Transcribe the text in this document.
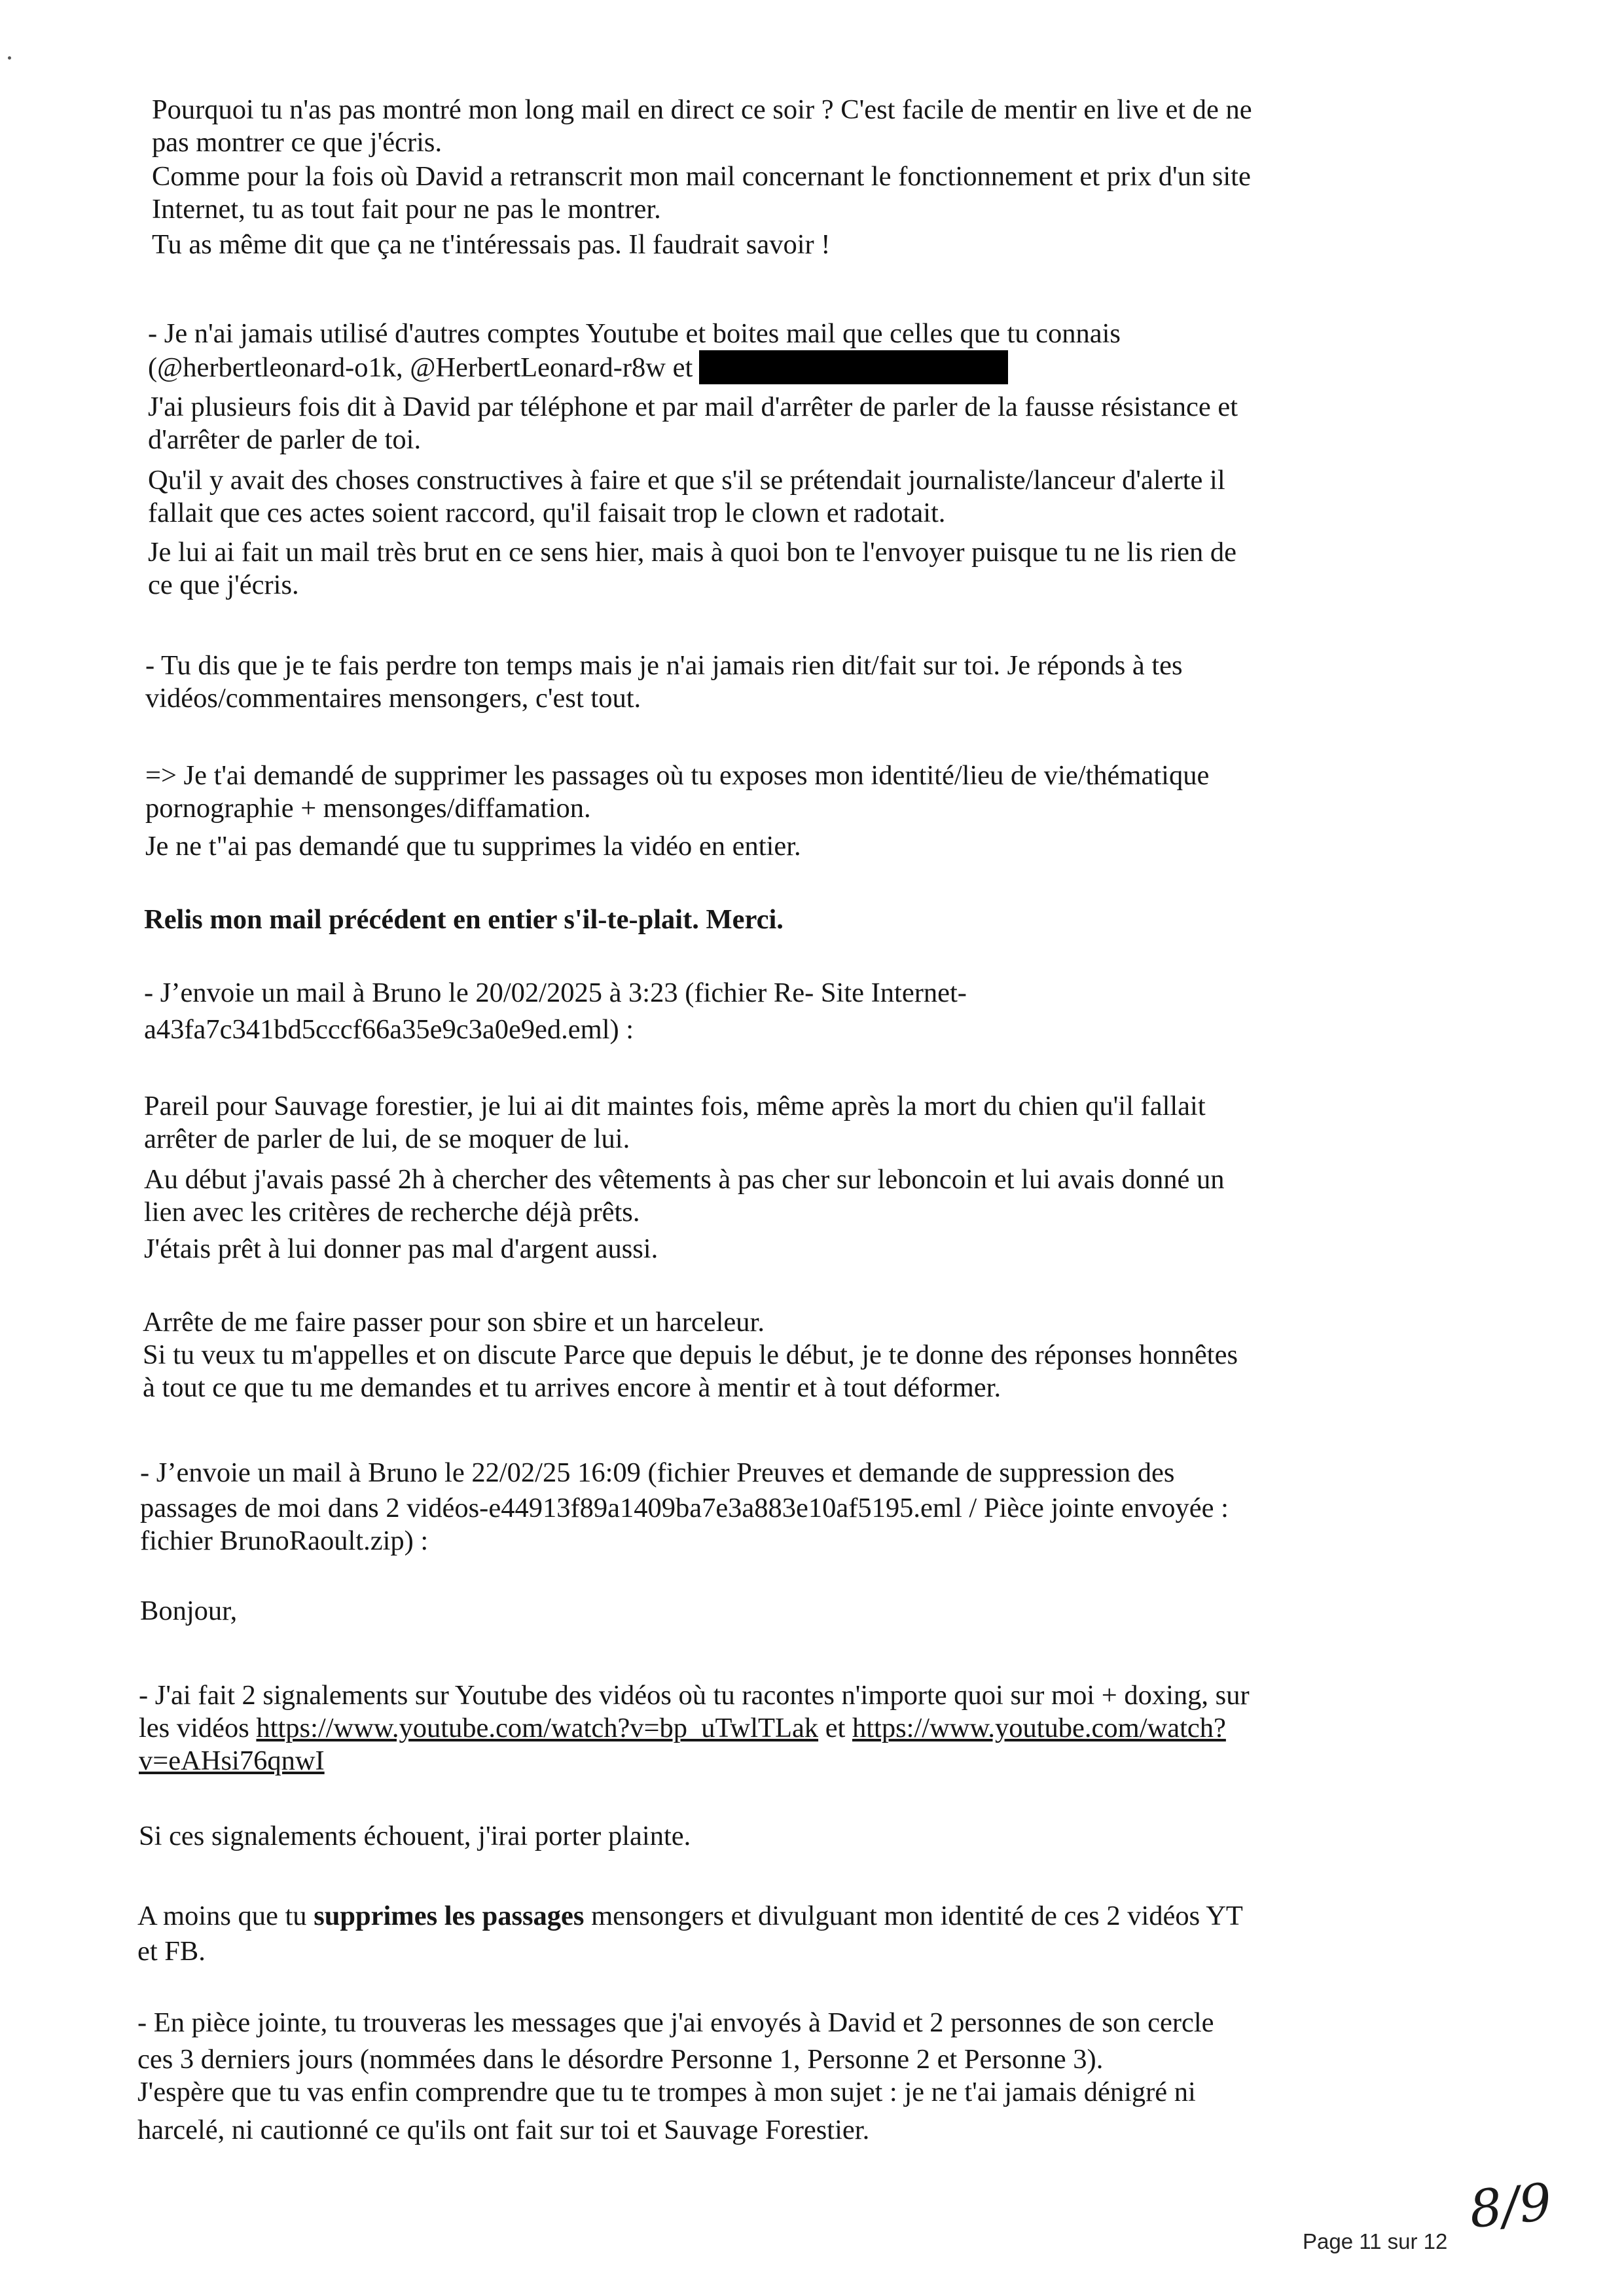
Pourquoi tu n'as pas montré mon long mail en direct ce soir ? C'est facile de mentir en live et de ne
pas montrer ce que j'écris.
Comme pour la fois où David a retranscrit mon mail concernant le fonctionnement et prix d'un site
Internet, tu as tout fait pour ne pas le montrer.
Tu as même dit que ça ne t'intéressais pas. Il faudrait savoir !
- Je n'ai jamais utilisé d'autres comptes Youtube et boites mail que celles que tu connais
(@herbertleonard-o1k, @HerbertLeonard-r8w et
J'ai plusieurs fois dit à David par téléphone et par mail d'arrêter de parler de la fausse résistance et
d'arrêter de parler de toi.
Qu'il y avait des choses constructives à faire et que s'il se prétendait journaliste/lanceur d'alerte il
fallait que ces actes soient raccord, qu'il faisait trop le clown et radotait.
Je lui ai fait un mail très brut en ce sens hier, mais à quoi bon te l'envoyer puisque tu ne lis rien de
ce que j'écris.
- Tu dis que je te fais perdre ton temps mais je n'ai jamais rien dit/fait sur toi. Je réponds à tes
vidéos/commentaires mensongers, c'est tout.
=> Je t'ai demandé de supprimer les passages où tu exposes mon identité/lieu de vie/thématique
pornographie + mensonges/diffamation.
Je ne t"ai pas demandé que tu supprimes la vidéo en entier.
Relis mon mail précédent en entier s'il-te-plait. Merci.
- J’envoie un mail à Bruno le 20/02/2025 à 3:23 (fichier Re- Site Internet-
a43fa7c341bd5cccf66a35e9c3a0e9ed.eml) :
Pareil pour Sauvage forestier, je lui ai dit maintes fois, même après la mort du chien qu'il fallait
arrêter de parler de lui, de se moquer de lui.
Au début j'avais passé 2h à chercher des vêtements à pas cher sur leboncoin et lui avais donné un
lien avec les critères de recherche déjà prêts.
J'étais prêt à lui donner pas mal d'argent aussi.
Arrête de me faire passer pour son sbire et un harceleur.
Si tu veux tu m'appelles et on discute Parce que depuis le début, je te donne des réponses honnêtes
à tout ce que tu me demandes et tu arrives encore à mentir et à tout déformer.
- J’envoie un mail à Bruno le 22/02/25 16:09 (fichier Preuves et demande de suppression des
passages de moi dans 2 vidéos-e44913f89a1409ba7e3a883e10af5195.eml / Pièce jointe envoyée :
fichier BrunoRaoult.zip) :
Bonjour,
- J'ai fait 2 signalements sur Youtube des vidéos où tu racontes n'importe quoi sur moi + doxing, sur
les vidéos https://www.youtube.com/watch?v=bp_uTwlTLak et https://www.youtube.com/watch?
v=eAHsi76qnwI
Si ces signalements échouent, j'irai porter plainte.
A moins que tu supprimes les passages mensongers et divulguant mon identité de ces 2 vidéos YT
et FB.
- En pièce jointe, tu trouveras les messages que j'ai envoyés à David et 2 personnes de son cercle
ces 3 derniers jours (nommées dans le désordre Personne 1, Personne 2 et Personne 3).
J'espère que tu vas enfin comprendre que tu te trompes à mon sujet : je ne t'ai jamais dénigré ni
harcelé, ni cautionné ce qu'ils ont fait sur toi et Sauvage Forestier.
8/9
Page 11 sur 12
